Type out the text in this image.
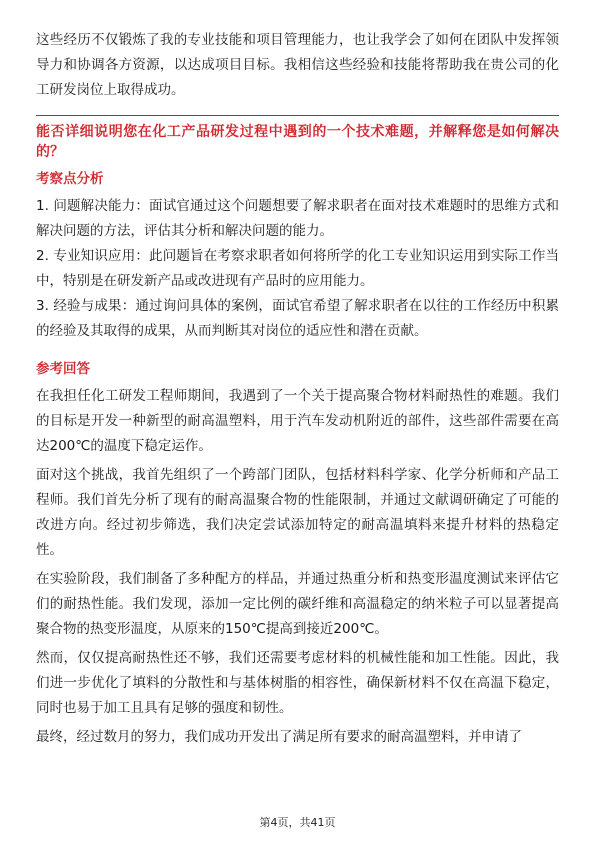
这些经历不仅锻炼了我的专业技能和项目管理能力，也让我学会了如何在团队中发挥领导力和协调各方资源，以达成项目目标。我相信这些经验和技能将帮助我在贵公司的化工研发岗位上取得成功。

能否详细说明您在化工产品研发过程中遇到的一个技术难题，并解释您是如何解决的？

考察点分析

1. 问题解决能力：面试官通过这个问题想要了解求职者在面对技术难题时的思维方式和解决问题的方法，评估其分析和解决问题的能力。

2. 专业知识应用：此问题旨在考察求职者如何将所学的化工专业知识运用到实际工作当中，特别是在研发新产品或改进现有产品时的应用能力。

3. 经验与成果：通过询问具体的案例，面试官希望了解求职者在以往的工作经历中积累的经验及其取得的成果，从而判断其对岗位的适应性和潜在贡献。

参考回答

在我担任化工研发工程师期间，我遇到了一个关于提高聚合物材料耐热性的难题。我们的目标是开发一种新型的耐高温塑料，用于汽车发动机附近的部件，这些部件需要在高达200℃的温度下稳定运作。

面对这个挑战，我首先组织了一个跨部门团队，包括材料科学家、化学分析师和产品工程师。我们首先分析了现有的耐高温聚合物的性能限制，并通过文献调研确定了可能的改进方向。经过初步筛选，我们决定尝试添加特定的耐高温填料来提升材料的热稳定性。

在实验阶段，我们制备了多种配方的样品，并通过热重分析和热变形温度测试来评估它们的耐热性能。我们发现，添加一定比例的碳纤维和高温稳定的纳米粒子可以显著提高聚合物的热变形温度，从原来的150℃提高到接近200℃。

然而，仅仅提高耐热性还不够，我们还需要考虑材料的机械性能和加工性能。因此，我们进一步优化了填料的分散性和与基体树脂的相容性，确保新材料不仅在高温下稳定，同时也易于加工且具有足够的强度和韧性。

最终，经过数月的努力，我们成功开发出了满足所有要求的耐高温塑料，并申请了

第4页，共41页
